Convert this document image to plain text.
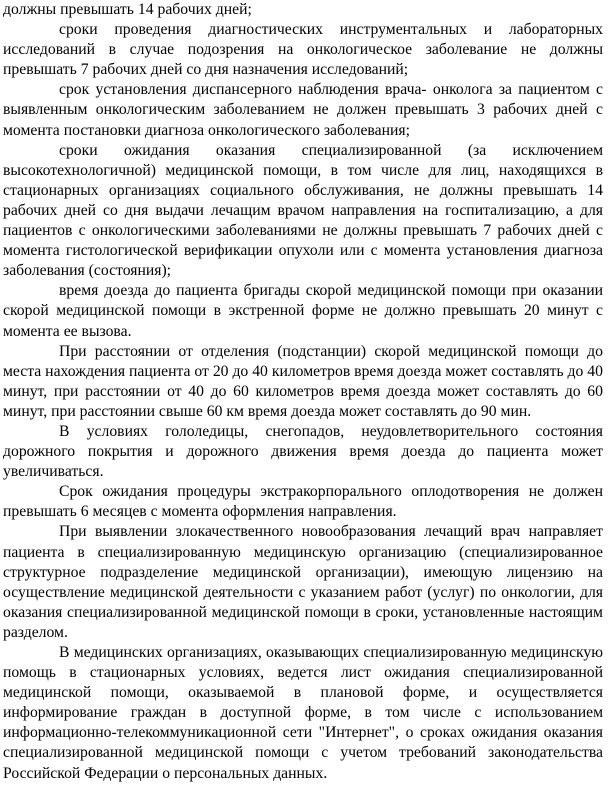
должны превышать 14 рабочих дней;

сроки проведения диагностических инструментальных и лабораторных исследований в случае подозрения на онкологическое заболевание не должны превышать 7 рабочих дней со дня назначения исследований;

срок установления диспансерного наблюдения врача- онколога за пациентом с выявленным онкологическим заболеванием не должен превышать 3 рабочих дней с момента постановки диагноза онкологического заболевания;

сроки ожидания оказания специализированной (за исключением высокотехнологичной) медицинской помощи, в том числе для лиц, находящихся в стационарных организациях социального обслуживания, не должны превышать 14 рабочих дней со дня выдачи лечащим врачом направления на госпитализацию, а для пациентов с онкологическими заболеваниями не должны превышать 7 рабочих дней с момента гистологической верификации опухоли или с момента установления диагноза заболевания (состояния);

время доезда до пациента бригады скорой медицинской помощи при оказании скорой медицинской помощи в экстренной форме не должно превышать 20 минут с момента ее вызова.

При расстоянии от отделения (подстанции) скорой медицинской помощи до места нахождения пациента от 20 до 40 километров время доезда может составлять до 40 минут, при расстоянии от 40 до 60 километров время доезда может составлять до 60 минут, при расстоянии свыше 60 км время доезда может составлять до 90 мин.

В условиях гололедицы, снегопадов, неудовлетворительного состояния дорожного покрытия и дорожного движения время доезда до пациента может увеличиваться.

Срок ожидания процедуры экстракорпорального оплодотворения не должен превышать 6 месяцев с момента оформления направления.

При выявлении злокачественного новообразования лечащий врач направляет пациента в специализированную медицинскую организацию (специализированное структурное подразделение медицинской организации), имеющую лицензию на осуществление медицинской деятельности с указанием работ (услуг) по онкологии, для оказания специализированной медицинской помощи в сроки, установленные настоящим разделом.

В медицинских организациях, оказывающих специализированную медицинскую помощь в стационарных условиях, ведется лист ожидания специализированной медицинской помощи, оказываемой в плановой форме, и осуществляется информирование граждан в доступной форме, в том числе с использованием информационно-телекоммуникационной сети "Интернет", о сроках ожидания оказания специализированной медицинской помощи с учетом требований законодательства Российской Федерации о персональных данных.
